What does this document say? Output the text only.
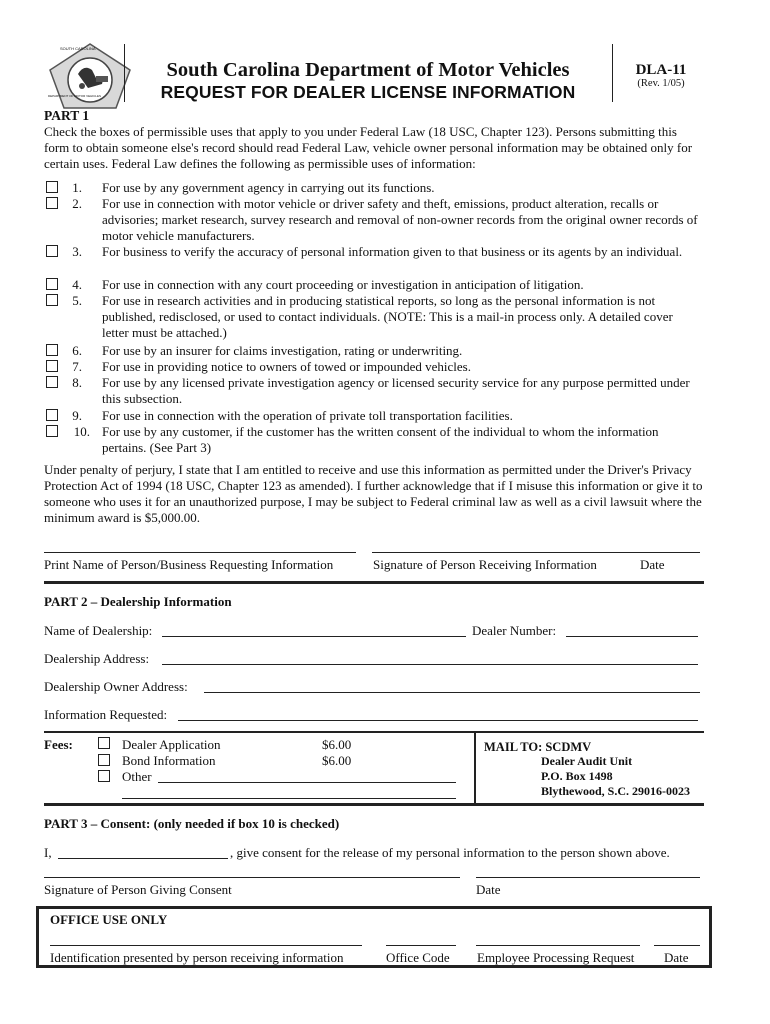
SOUTH CAROLINA
DEPARTMENT OF MOTOR VEHICLES
South Carolina Department of Motor Vehicles
REQUEST FOR DEALER LICENSE INFORMATION
DLA-11
(Rev. 1/05)
PART 1
Check the boxes of permissible uses that apply to you under Federal Law (18 USC, Chapter 123). Persons submitting this form to obtain someone else's record should read Federal Law, vehicle owner personal information may be obtained only for certain uses. Federal Law defines the following as permissible uses of information:
1. For use by any government agency in carrying out its functions.
2. For use in connection with motor vehicle or driver safety and theft, emissions, product alteration, recalls or advisories; market research, survey research and removal of non-owner records from the original owner records of motor vehicle manufacturers.
3. For business to verify the accuracy of personal information given to that business or its agents by an individual.
4. For use in connection with any court proceeding or investigation in anticipation of litigation.
5. For use in research activities and in producing statistical reports, so long as the personal information is not published, redisclosed, or used to contact individuals. (NOTE: This is a mail-in process only. A detailed cover letter must be attached.)
6. For use by an insurer for claims investigation, rating or underwriting.
7. For use in providing notice to owners of towed or impounded vehicles.
8. For use by any licensed private investigation agency or licensed security service for any purpose permitted under this subsection.
9. For use in connection with the operation of private toll transportation facilities.
10. For use by any customer, if the customer has the written consent of the individual to whom the information pertains. (See Part 3)
Under penalty of perjury, I state that I am entitled to receive and use this information as permitted under the Driver's Privacy Protection Act of 1994 (18 USC, Chapter 123 as amended). I further acknowledge that if I misuse this information or give it to someone who uses it for an unauthorized purpose, I may be subject to Federal criminal law as well as a civil lawsuit where the minimum award is $5,000.00.
Print Name of Person/Business Requesting Information	Signature of Person Receiving Information	Date
PART 2 – Dealership Information
Name of Dealership:	Dealer Number:
Dealership Address:
Dealership Owner Address:
Information Requested:
Fees:	Dealer Application	$6.00
Bond Information	$6.00
Other
MAIL TO: SCDMV
Dealer Audit Unit
P.O. Box 1498
Blythewood, S.C. 29016-0023
PART 3 – Consent: (only needed if box 10 is checked)
I,	, give consent for the release of my personal information to the person shown above.
Signature of Person Giving Consent	Date
OFFICE USE ONLY
Identification presented by person receiving information	Office Code Employee Processing Request Date
